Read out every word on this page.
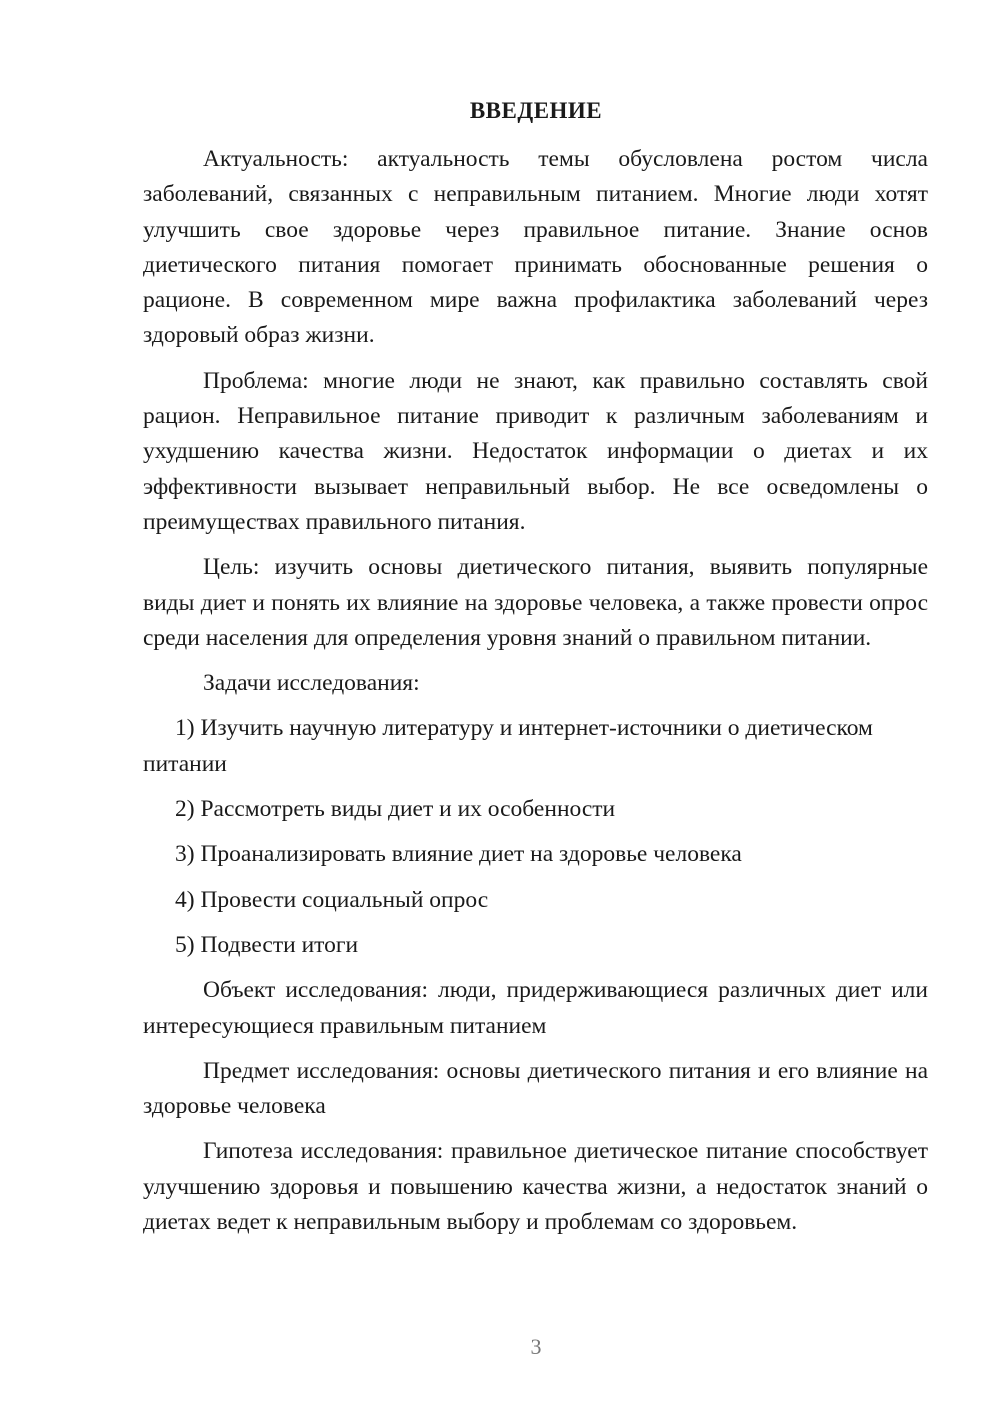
ВВЕДЕНИЕ

Актуальность: актуальность темы обусловлена ростом числа заболеваний, связанных с неправильным питанием. Многие люди хотят улучшить свое здоровье через правильное питание. Знание основ диетического питания помогает принимать обоснованные решения о рационе. В современном мире важна профилактика заболеваний через здоровый образ жизни.

Проблема: многие люди не знают, как правильно составлять свой рацион. Неправильное питание приводит к различным заболеваниям и ухудшению качества жизни. Недостаток информации о диетах и их эффективности вызывает неправильный выбор. Не все осведомлены о преимуществах правильного питания.

Цель: изучить основы диетического питания, выявить популярные виды диет и понять их влияние на здоровье человека, а также провести опрос среди населения для определения уровня знаний о правильном питании.

Задачи исследования:

1) Изучить научную литературу и интернет-источники о диетическом питании

2) Рассмотреть виды диет и их особенности

3) Проанализировать влияние диет на здоровье человека

4) Провести социальный опрос

5) Подвести итоги

Объект исследования: люди, придерживающиеся различных диет или интересующиеся правильным питанием

Предмет исследования: основы диетического питания и его влияние на здоровье человека

Гипотеза исследования: правильное диетическое питание способствует улучшению здоровья и повышению качества жизни, а недостаток знаний о диетах ведет к неправильным выбору и проблемам со здоровьем.

3
